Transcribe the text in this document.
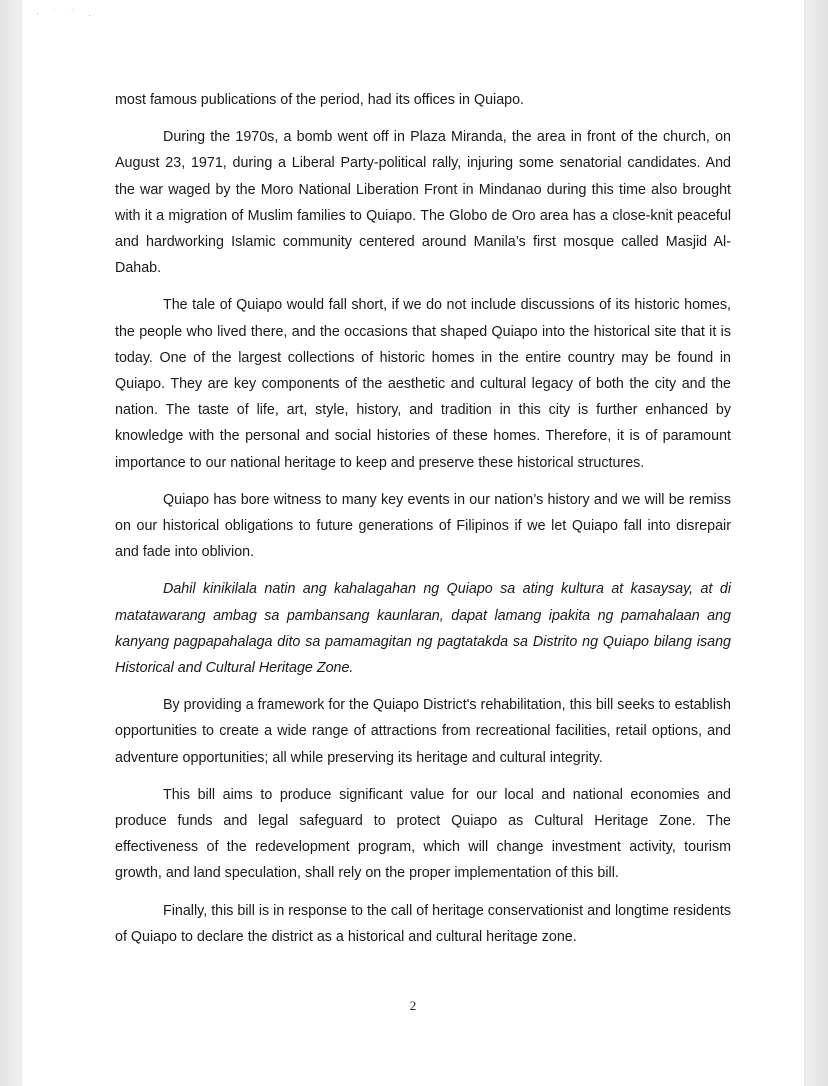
· ˙ ˙ .

most famous publications of the period, had its offices in Quiapo.

During the 1970s, a bomb went off in Plaza Miranda, the area in front of the church, on August 23, 1971, during a Liberal Party-political rally, injuring some senatorial candidates. And the war waged by the Moro National Liberation Front in Mindanao during this time also brought with it a migration of Muslim families to Quiapo. The Globo de Oro area has a close-knit peaceful and hardworking Islamic community centered around Manila’s first mosque called Masjid Al-Dahab.

The tale of Quiapo would fall short, if we do not include discussions of its historic homes, the people who lived there, and the occasions that shaped Quiapo into the historical site that it is today. One of the largest collections of historic homes in the entire country may be found in Quiapo. They are key components of the aesthetic and cultural legacy of both the city and the nation. The taste of life, art, style, history, and tradition in this city is further enhanced by knowledge with the personal and social histories of these homes. Therefore, it is of paramount importance to our national heritage to keep and preserve these historical structures.

Quiapo has bore witness to many key events in our nation’s history and we will be remiss on our historical obligations to future generations of Filipinos if we let Quiapo fall into disrepair and fade into oblivion.

Dahil kinikilala natin ang kahalagahan ng Quiapo sa ating kultura at kasaysay, at di matatawarang ambag sa pambansang kaunlaran, dapat lamang ipakita ng pamahalaan ang kanyang pagpapahalaga dito sa pamamagitan ng pagtatakda sa Distrito ng Quiapo bilang isang Historical and Cultural Heritage Zone.

By providing a framework for the Quiapo District's rehabilitation, this bill seeks to establish opportunities to create a wide range of attractions from recreational facilities, retail options, and adventure opportunities; all while preserving its heritage and cultural integrity.

This bill aims to produce significant value for our local and national economies and produce funds and legal safeguard to protect Quiapo as Cultural Heritage Zone. The effectiveness of the redevelopment program, which will change investment activity, tourism growth, and land speculation, shall rely on the proper implementation of this bill.

Finally, this bill is in response to the call of heritage conservationist and longtime residents of Quiapo to declare the district as a historical and cultural heritage zone.

2
